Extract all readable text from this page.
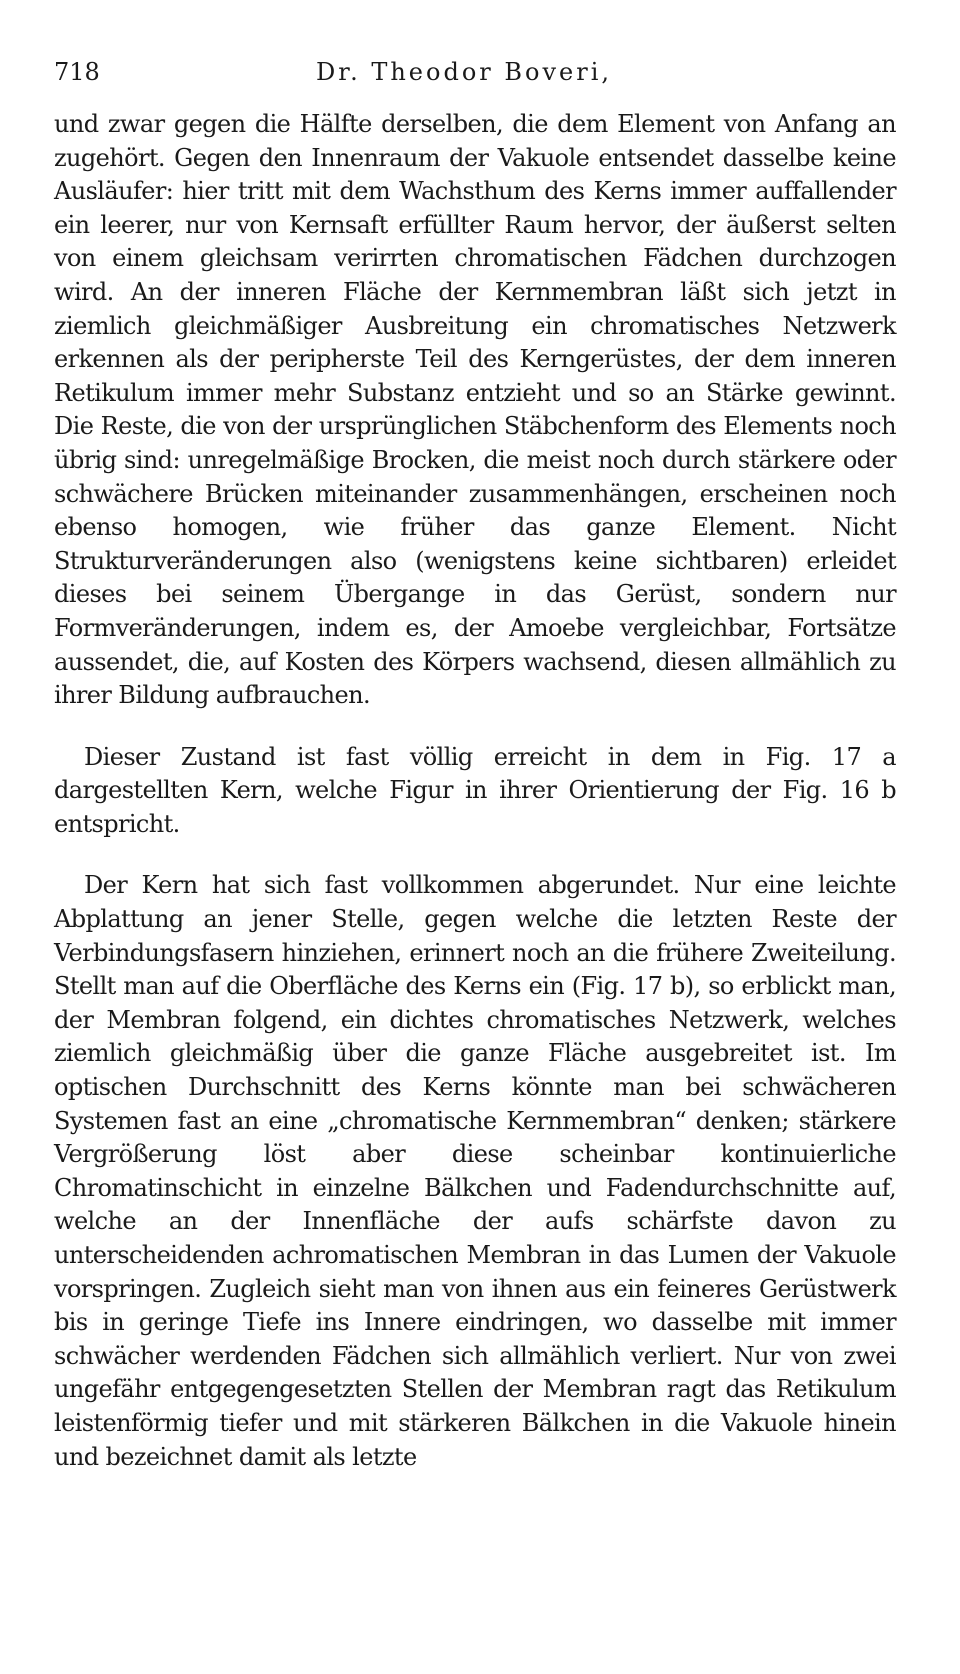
718	Dr. Theodor Boveri,

und zwar gegen die Hälfte derselben, die dem Element von Anfang an zugehört. Gegen den Innenraum der Vakuole entsendet dasselbe keine Ausläufer: hier tritt mit dem Wachsthum des Kerns immer auffallender ein leerer, nur von Kernsaft erfüllter Raum hervor, der äußerst selten von einem gleichsam verirrten chromatischen Fädchen durchzogen wird. An der inneren Fläche der Kernmembran läßt sich jetzt in ziemlich gleichmäßiger Ausbreitung ein chromatisches Netzwerk erkennen als der peripherste Teil des Kerngerüstes, der dem inneren Retikulum immer mehr Substanz entzieht und so an Stärke gewinnt. Die Reste, die von der ursprünglichen Stäbchenform des Elements noch übrig sind: unregelmäßige Brocken, die meist noch durch stärkere oder schwächere Brücken miteinander zusammenhängen, erscheinen noch ebenso homogen, wie früher das ganze Element. Nicht Strukturveränderungen also (wenigstens keine sichtbaren) erleidet dieses bei seinem Übergange in das Gerüst, sondern nur Formveränderungen, indem es, der Amoebe vergleichbar, Fortsätze aussendet, die, auf Kosten des Körpers wachsend, diesen allmählich zu ihrer Bildung aufbrauchen.

Dieser Zustand ist fast völlig erreicht in dem in Fig. 17 a dargestellten Kern, welche Figur in ihrer Orientierung der Fig. 16 b entspricht.

Der Kern hat sich fast vollkommen abgerundet. Nur eine leichte Abplattung an jener Stelle, gegen welche die letzten Reste der Verbindungsfasern hinziehen, erinnert noch an die frühere Zweiteilung. Stellt man auf die Oberfläche des Kerns ein (Fig. 17 b), so erblickt man, der Membran folgend, ein dichtes chromatisches Netzwerk, welches ziemlich gleichmäßig über die ganze Fläche ausgebreitet ist. Im optischen Durchschnitt des Kerns könnte man bei schwächeren Systemen fast an eine „chromatische Kernmembran“ denken; stärkere Vergrößerung löst aber diese scheinbar kontinuierliche Chromatinschicht in einzelne Bälkchen und Fadendurchschnitte auf, welche an der Innenfläche der aufs schärfste davon zu unterscheidenden achromatischen Membran in das Lumen der Vakuole vorspringen. Zugleich sieht man von ihnen aus ein feineres Gerüstwerk bis in geringe Tiefe ins Innere eindringen, wo dasselbe mit immer schwächer werdenden Fädchen sich allmählich verliert. Nur von zwei ungefähr entgegengesetzten Stellen der Membran ragt das Retikulum leistenförmig tiefer und mit stärkeren Bälkchen in die Vakuole hinein und bezeichnet damit als letzte
